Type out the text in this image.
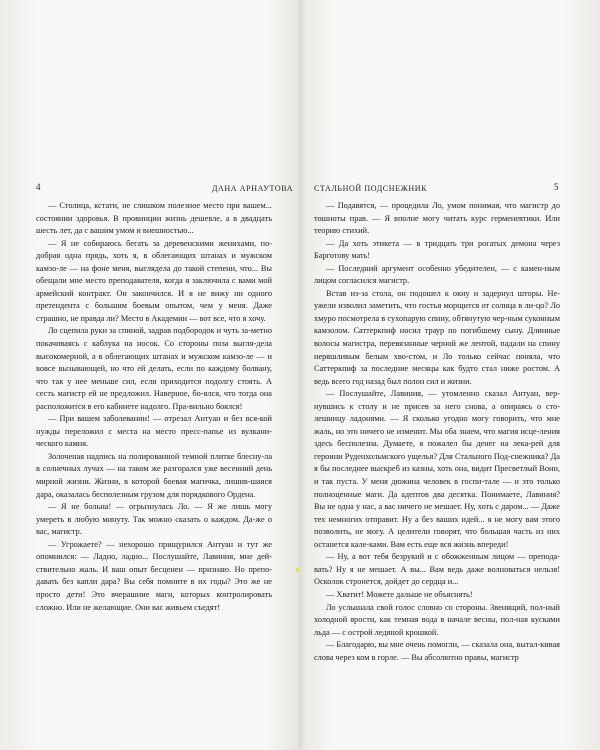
4	ДАНА АРНАУТОВА	СТАЛЬНОЙ ПОДСНЕЖНИК	5

— Столица, кстати, не слишком полезное место при вашем... состоянии здоровья. В провинции жизнь дешевле, а в двадцать шесть лет, да с вашим умом и внешностью...

— Я не собираюсь бегать за деревенскими женихами, по-добрая одна прядь, хоть я, в облегающих штанах и мужском камзо-ле — на фоне меня, выглядела до такой степени, что... Вы обещали мне место преподавателя, когда я заключила с вами мой армейский контракт. Он закончился. И я не вижу ни одного претендента с большим боевым опытом, чем у меня. Даже страшно, не правда ли? Место в Академии — вот все, что я хочу.

Ло сцепила руки за спиной, задрав подбородок и чуть за-метно покачиваясь с каблука на носок. Со стороны поза выгля-дела высокомерной, а в облегающих штанах и мужском камзо-ле — и вовсе вызывающей, но что ей делать, если по каждому болвану, что так у нее меньше сил, если приходится подолгу стоять. А сесть магистр ей не предложил. Наверное, бо-ялся, что тогда она расположится в его кабинете надолго. Пра-вильно боялся!

— При вашем заболевании! — отрезал Антуан и без вся-кой нужды переложил с места на место пресс-папье из вулкани-ческого камня.

Золоченая надпись на полированной темной плитке блесну-ла в солнечных лучах — на таком же разгорался уже весенний день мирной жизни. Жизни, в которой боевая магичка, лишив-шаяся дара, оказалась бесполезным грузом для порядкового Ордена.

— Я не больна! — огрызнулась Ло. — Я же лишь могу умереть в любую минуту. Так можно сказать о каждом. Да-же о вас, магистр.

— Угрожаете? — нехорошо прищурился Антуан и тут же опомнился: — Ладно, ладно... Послушайте, Лавиния, мне дей-ствительно жаль. И ваш опыт бесценен — признаю. Но препо-давать без капли дара? Вы себя помните в их годы? Это же не просто дети! Это вчерашние маги, которых контролировать сложно. Или не желающие. Они вас живьем съедят!

— Подавятся, — процедила Ло, умом понимая, что магистр до тошноты прав. — Я вполне могу читать курс герменевтики. Или теорию стихий.

— Да хоть этикета — в тридцать три рогатых демона через Барготову мать!

— Последний аргумент особенно убедителен, — с камен-ным лицом согласился магистр.

Встав из-за стола, он подошел к окну и задернул шторы. Не-ужели изволил заметить, что гостья морщится от солнца в ли-цо? Ло хмуро посмотрела в сухопарую спину, обтянутую чер-ным суконным камзолом. Саттеркпиф носил траур по погибшему сыну. Длинные волосы магистра, перевязанные черной же лентой, падали на спину неряшливым белым хво-стом, и Ло только сейчас поняла, что Саттеркпиф за последние месяцы как будто стал ниже ростом. А ведь всего год назад был полон сил и жизни.

— Послушайте, Лавиния, — утомленно сказал Антуан, вер-нувшись к столу и не присев за него снова, а опираясь о сто-лешницу ладонями. — Я сколько угодно могу говорить, что мне жаль, но это ничего не изменит. Мы оба знаем, что магия исце-ления здесь бесполезна. Думаете, я пожалел бы денег на лека-рей для героини Руденхольмского ущелья? Для Стального Под-снежника? Да я бы последнее выскреб из казны, хоть она, видит Пресветлый Воин, и так пуста. У меня дюжина человек в госпи-тале — и это только полноценные маги. Да адептов два десятка. Понимаете, Лавиния? Вы не одна у нас, а вас ничего не мешает. Ну, хоть с даром... — Даже тех немногих отправит. Ну а без ваших идей... я не могу вам этого позволить, не могу. А целители говорят, что большая часть из них останется кале-ками. Вам есть еще вся жизнь впереди!

— Ну, а вот тебя безрукий и с обожженным лицом — препода-вать? Ну я не мешает. А вы... Вам ведь даже волноваться нельзя! Осколок стронется, дойдет до сердца и...

— Хватит! Можете дальше не объяснять!

Ло услышала свой голос словно со стороны. Звенящий, пол-ный холодной ярости, как темная вода в начале весны, пол-ная кусками льда — с острой ледяной крошкой.

— Благодарю, вы мне очень помогли, — сказала она, вытал-кивая слова через ком в горле. — Вы абсолютно правы, магистр
